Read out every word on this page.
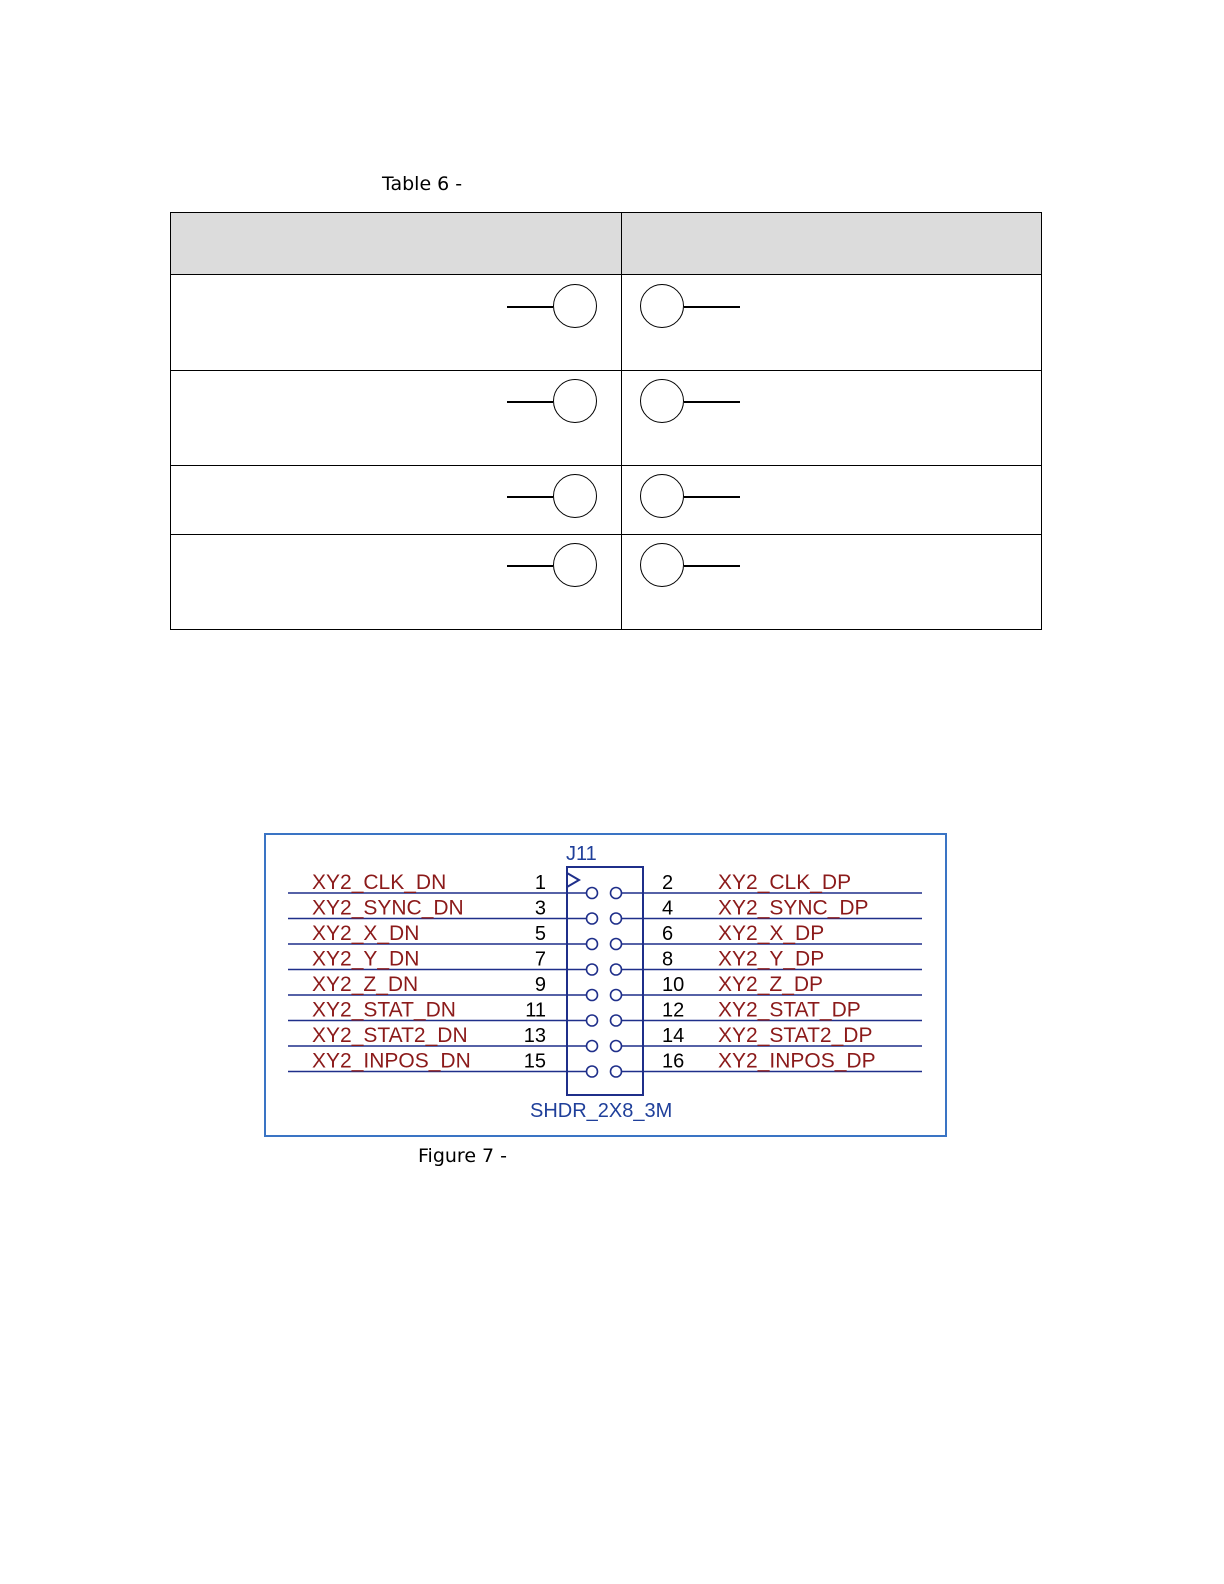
Table 6 -
J11
SHDR_2X8_3M
XY2_CLK_DN	1	2 XY2_CLK_DP
XY2_SYNC_DN	3	4 XY2_SYNC_DP
XY2_X_DN	5	6 XY2_X_DP
XY2_Y_DN	7	8 XY2_Y_DP
XY2_Z_DN	9	10 XY2_Z_DP
XY2_STAT_DN	11	12 XY2_STAT_DP
XY2_STAT2_DN	13	14 XY2_STAT2_DP
XY2_INPOS_DN	15	16 XY2_INPOS_DP
Figure 7 -
